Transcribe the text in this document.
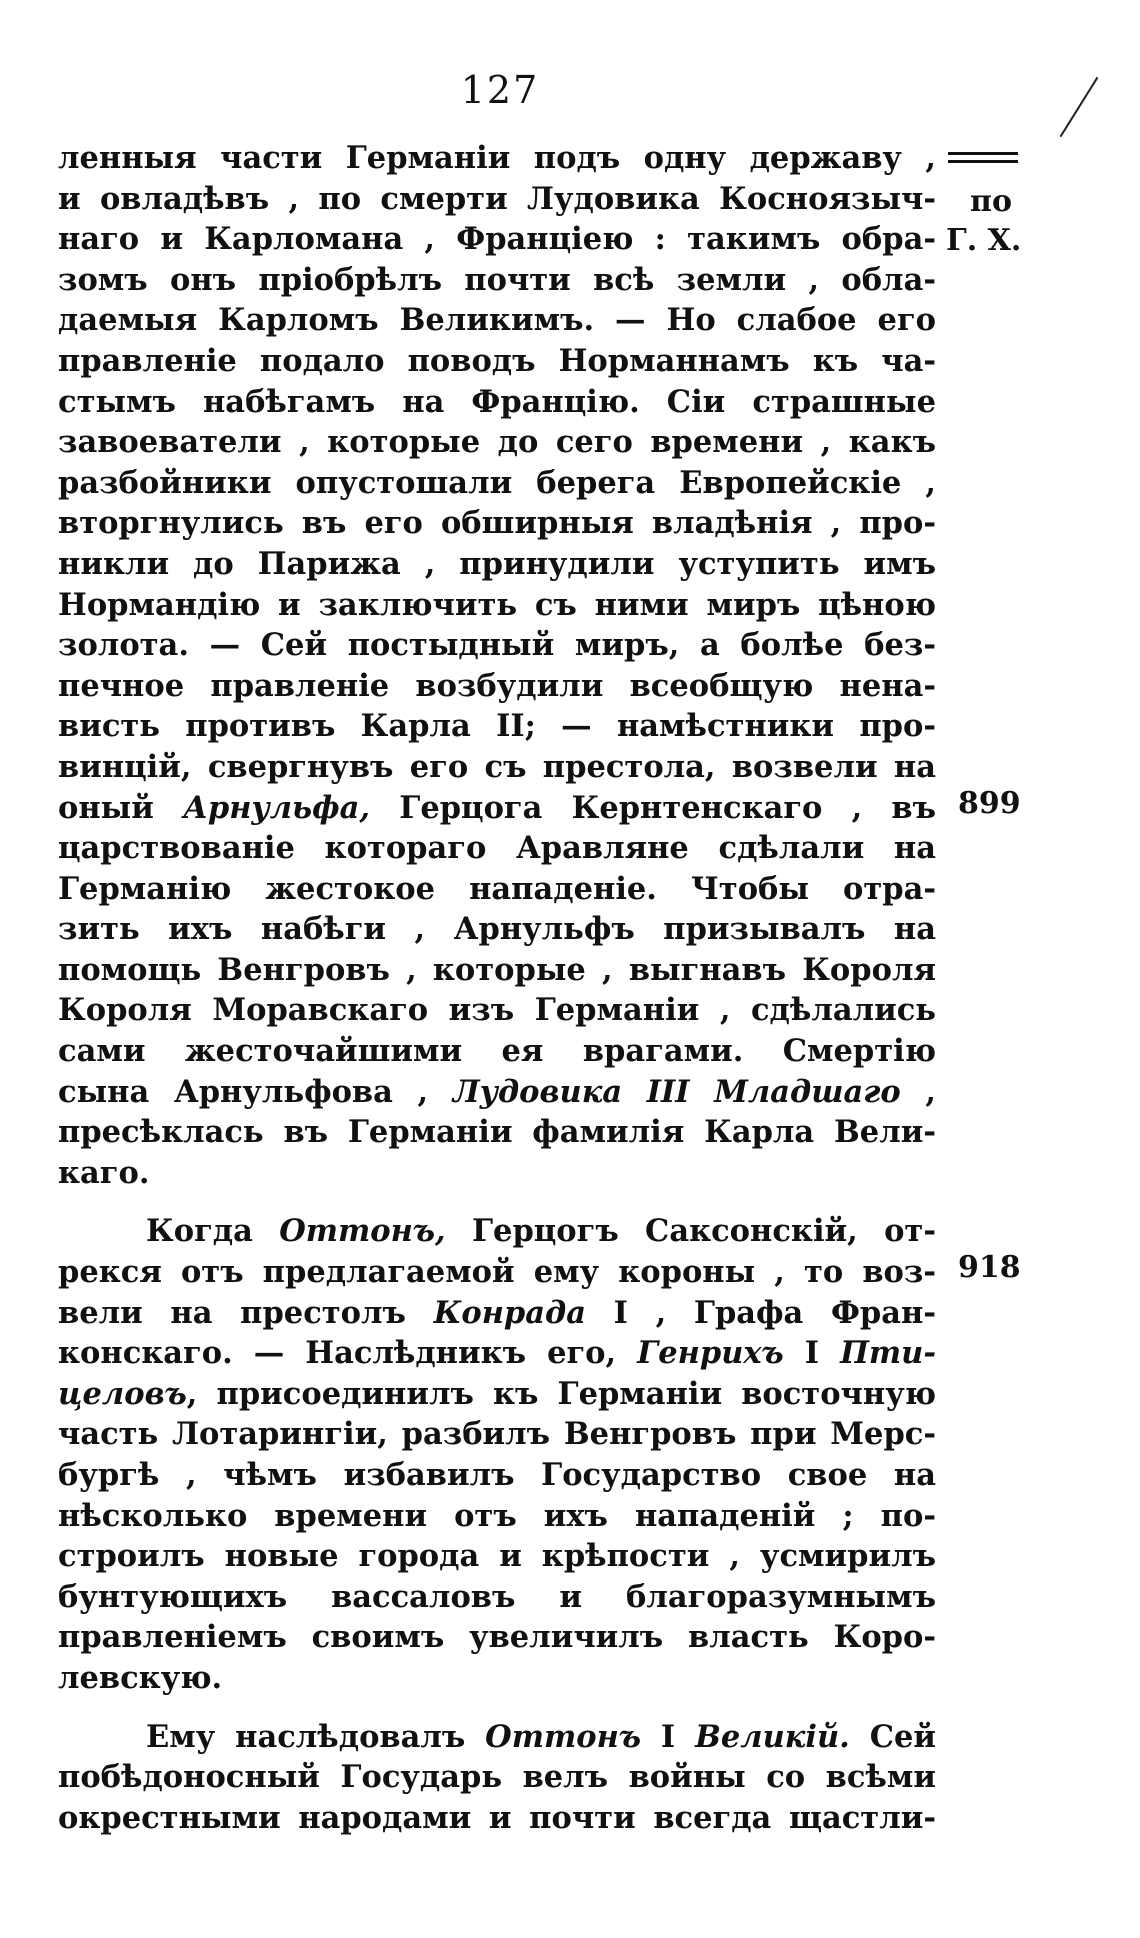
127
по
Г. Х.
899
918
ленныя части Германіи подъ одну державу ,
и овладѣвъ , по смерти Лудовика Косноязыч-
наго и Карломана , Франціею : такимъ обра-
зомъ онъ пріобрѣлъ почти всѣ земли , обла-
даемыя Карломъ Великимъ. — Но слабое его
правленіе подало поводъ Норманнамъ къ ча-
стымъ набѣгамъ на Францію. Сіи страшные
завоеватели , которые до сего времени , какъ
разбойники опустошали берега Европейскіе ,
вторгнулись въ его обширныя владѣнія , про-
никли до Парижа , принудили уступить имъ
Нормандію и заключить съ ними миръ цѣною
золота. — Сей постыдный миръ, а болѣе без-
печное правленіе возбудили всеобщую нена-
висть противъ Карла II; — намѣстники про-
винцій, свергнувъ его съ престола, возвели на
оный Арнульфа, Герцога Кернтенскаго , въ
царствованіе котораго Аравляне сдѣлали на
Германію жестокое нападеніе. Чтобы отра-
зить ихъ набѣги , Арнульфъ призывалъ на
помощь Венгровъ , которые , выгнавъ Короля
Короля Моравскаго изъ Германіи , сдѣлались
сами жесточайшими ея врагами. Смертію
сына Арнульфова , Лудовика III Младшаго ,
пресѣклась въ Германіи фамилія Карла Вели-
каго.
Когда Оттонъ, Герцогъ Саксонскій, от-
рекся отъ предлагаемой ему короны , то воз-
вели на престолъ Конрада I , Графа Фран-
конскаго. — Наслѣдникъ его, Генрихъ I Пти-
целовъ, присоединилъ къ Германіи восточную
часть Лотарингіи, разбилъ Венгровъ при Мерс-
бургѣ , чѣмъ избавилъ Государство свое на
нѣсколько времени отъ ихъ нападеній ; по-
строилъ новые города и крѣпости , усмирилъ
бунтующихъ вассаловъ и благоразумнымъ
правленіемъ своимъ увеличилъ власть Коро-
левскую.
Ему наслѣдовалъ Оттонъ I Великій. Сей
побѣдоносный Государь велъ войны со всѣми
окрестными народами и почти всегда щастли-
